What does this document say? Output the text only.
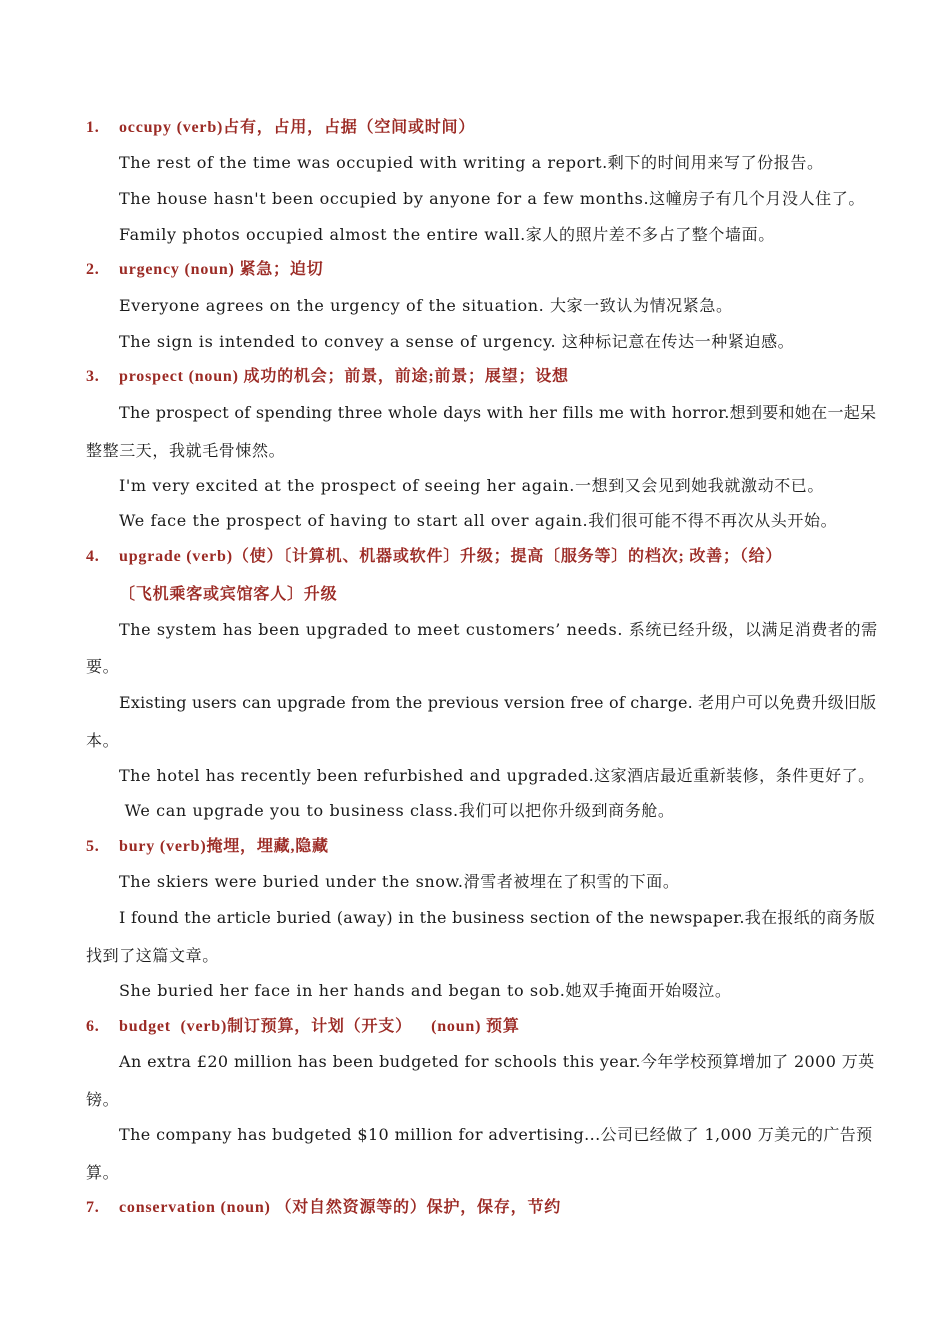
1. occupy (verb)占有，占用，占据（空间或时间）
The rest of the time was occupied with writing a report.剩下的时间用来写了份报告。
The house hasn't been occupied by anyone for a few months.这幢房子有几个月没人住了。
Family photos occupied almost the entire wall.家人的照片差不多占了整个墙面。
2. urgency (noun) 紧急；迫切
Everyone agrees on the urgency of the situation. 大家一致认为情况紧急。
The sign is intended to convey a sense of urgency. 这种标记意在传达一种紧迫感。
3. prospect (noun) 成功的机会；前景，前途;前景；展望；设想
The prospect of spending three whole days with her fills me with horror.想到要和她在一起呆
整整三天，我就毛骨悚然。
I'm very excited at the prospect of seeing her again.一想到又会见到她我就激动不已。
We face the prospect of having to start all over again.我们很可能不得不再次从头开始。
4. upgrade (verb)（使）〔计算机、机器或软件〕升级；提高〔服务等〕的档次; 改善；（给）
〔飞机乘客或宾馆客人〕升级
The system has been upgraded to meet customers’ needs. 系统已经升级，以满足消费者的需
要。
Existing users can upgrade from the previous version free of charge. 老用户可以免费升级旧版
本。
The hotel has recently been refurbished and upgraded.这家酒店最近重新装修，条件更好了。
We can upgrade you to business class.我们可以把你升级到商务舱。
5. bury (verb)掩埋，埋藏,隐藏
The skiers were buried under the snow.滑雪者被埋在了积雪的下面。
I found the article buried (away) in the business section of the newspaper.我在报纸的商务版
找到了这篇文章。
She buried her face in her hands and began to sob.她双手掩面开始啜泣。
6. budget  (verb)制订预算，计划（开支）    (noun) 预算
An extra £20 million has been budgeted for schools this year.今年学校预算增加了 2000 万英
镑。
The company has budgeted $10 million for advertising...公司已经做了 1,000 万美元的广告预
算。
7. conservation (noun) （对自然资源等的）保护，保存，节约
